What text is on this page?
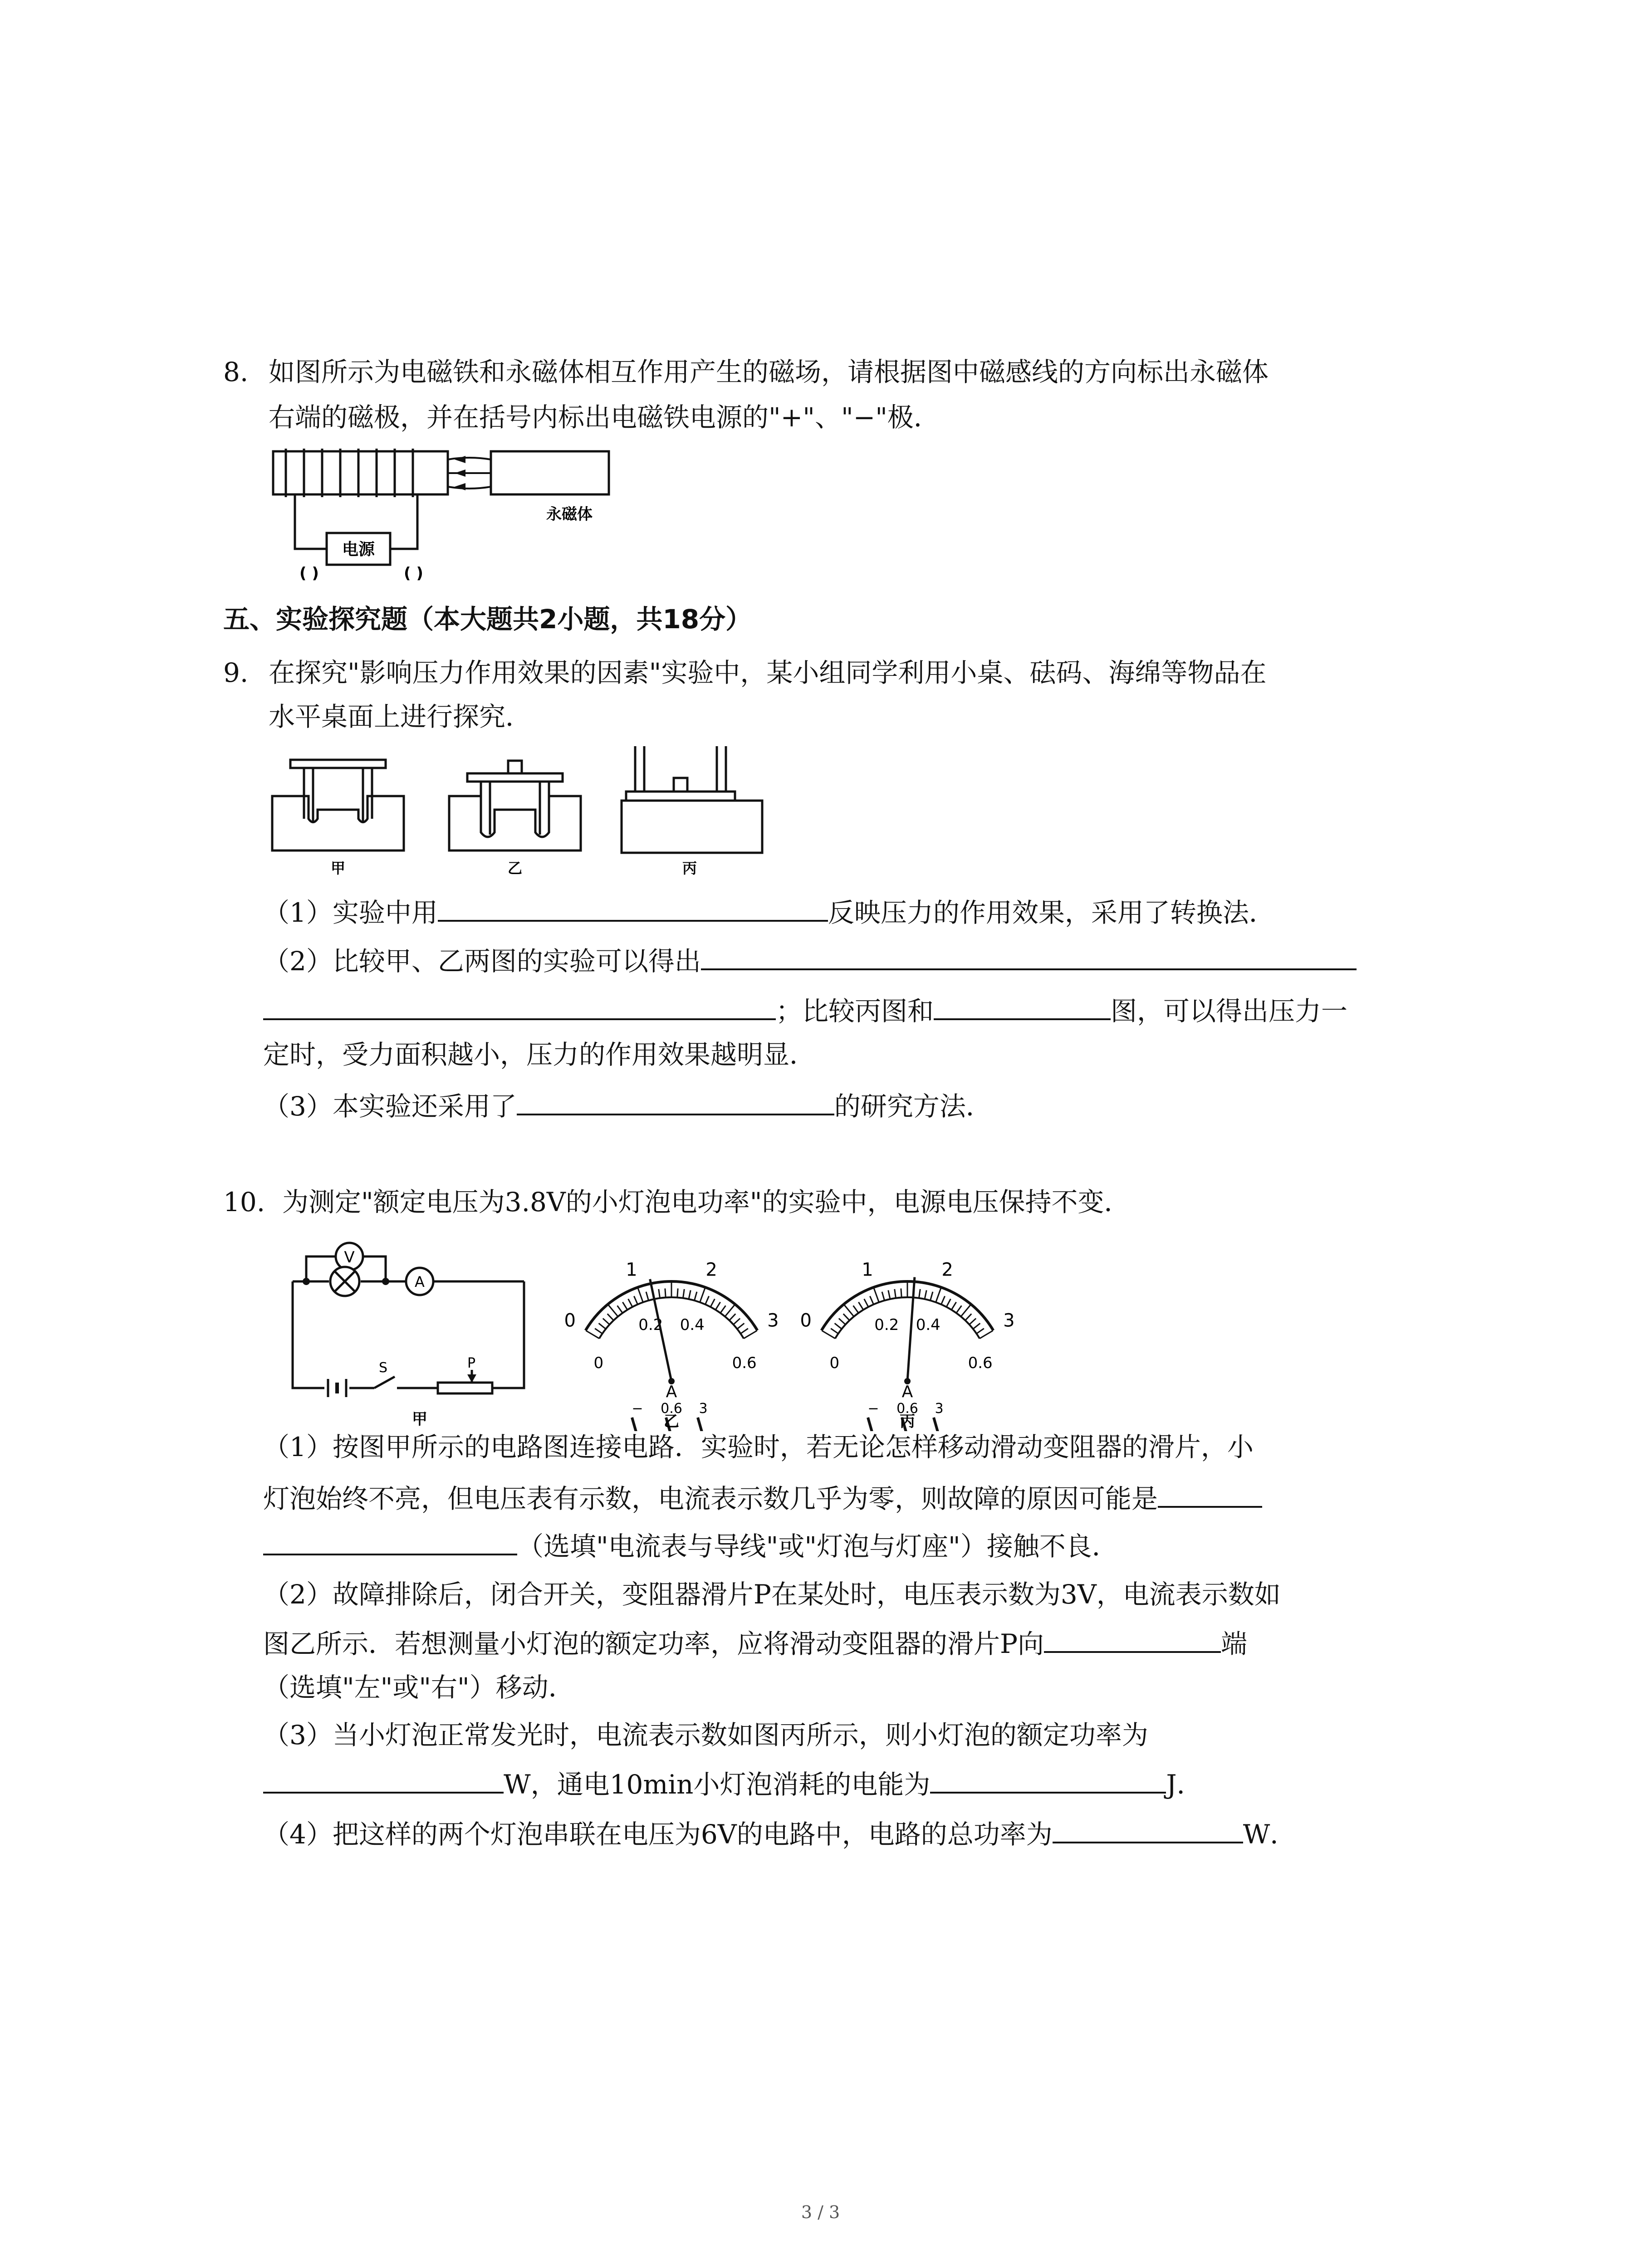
8. 如图所示为电磁铁和永磁体相互作用产生的磁场，请根据图中磁感线的方向标出永磁体
右端的磁极，并在括号内标出电磁铁电源的"+"、"−"极．
永磁体
电源
( )	( )
五、实验探究题（本大题共2小题，共18分）
9. 在探究"影响压力作用效果的因素"实验中，某小组同学利用小桌、砝码、海绵等物品在
水平桌面上进行探究．
甲	乙	丙
（1）实验中用	反映压力的作用效果，采用了转换法．
（2）比较甲、乙两图的实验可以得出
；比较丙图和	图，可以得出压力一
定时，受力面积越小，压力的作用效果越明显．
（3）本实验还采用了	的研究方法．
10. 为测定"额定电压为3.8V的小灯泡电功率"的实验中，电源电压保持不变．
V
A
S	P
甲
0
1	2
3
0
0.2 0.4
0.6
A
− 0.6 3
乙
0
1	2
3
0
0.2 0.4
0.6
A
− 0.6 3
丙
（1）按图甲所示的电路图连接电路．实验时，若无论怎样移动滑动变阻器的滑片，小
灯泡始终不亮，但电压表有示数，电流表示数几乎为零，则故障的原因可能是
（选填"电流表与导线"或"灯泡与灯座"）接触不良．
（2）故障排除后，闭合开关，变阻器滑片P在某处时，电压表示数为3V，电流表示数如
图乙所示．若想测量小灯泡的额定功率，应将滑动变阻器的滑片P向	端
（选填"左"或"右"）移动．
（3）当小灯泡正常发光时，电流表示数如图丙所示，则小灯泡的额定功率为
W，通电10min小灯泡消耗的电能为	J．
（4）把这样的两个灯泡串联在电压为6V的电路中，电路的总功率为	W．
3 / 3
